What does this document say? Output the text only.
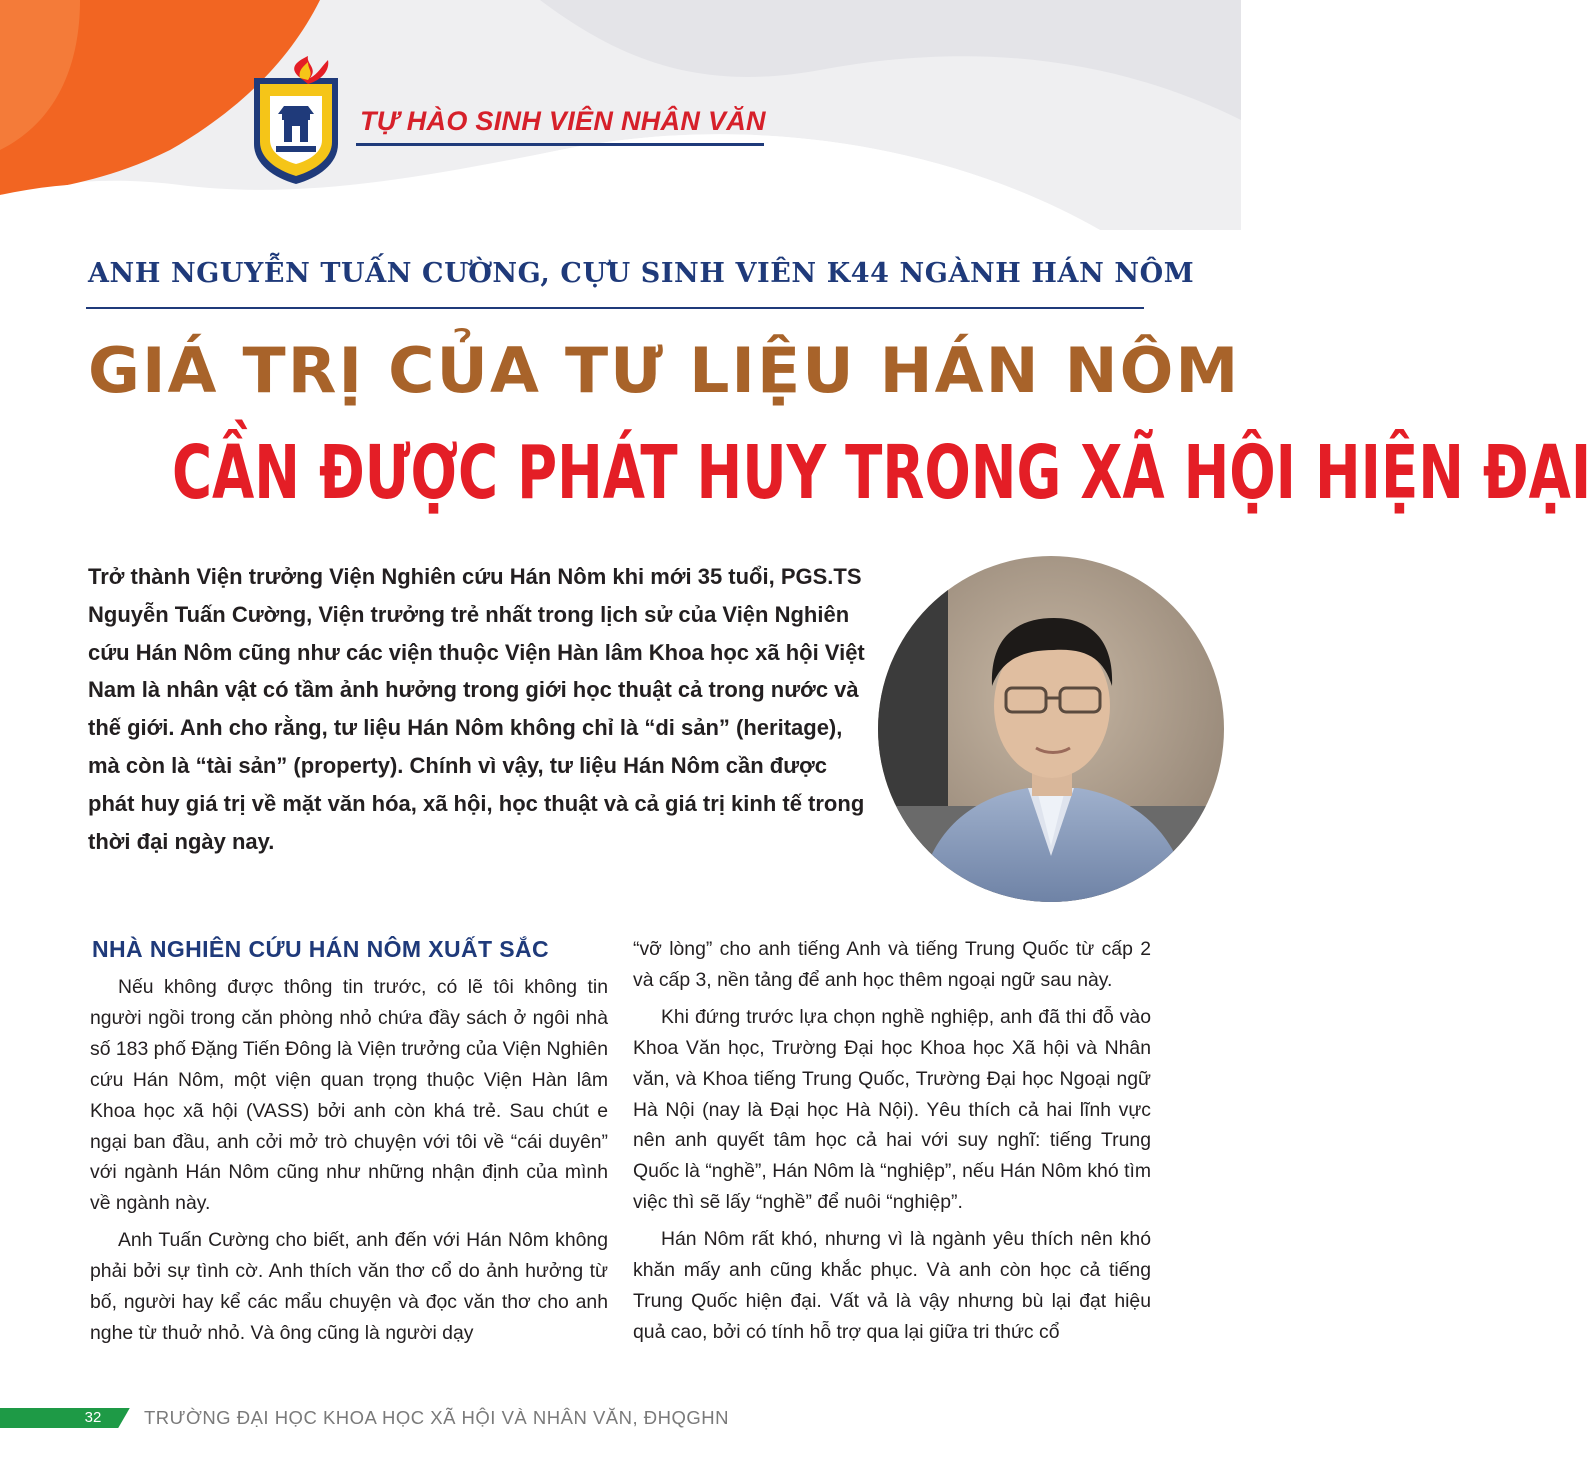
TỰ HÀO SINH VIÊN NHÂN VĂN
ANH NGUYỄN TUẤN CƯỜNG, CỰU SINH VIÊN K44 NGÀNH HÁN NÔM
GIÁ TRỊ CỦA TƯ LIỆU HÁN NÔM
CẦN ĐƯỢC PHÁT HUY TRONG XÃ HỘI HIỆN ĐẠI
Trở thành Viện trưởng Viện Nghiên cứu Hán Nôm khi mới 35 tuổi, PGS.TS Nguyễn Tuấn Cường, Viện trưởng trẻ nhất trong lịch sử của Viện Nghiên cứu Hán Nôm cũng như các viện thuộc Viện Hàn lâm Khoa học xã hội Việt Nam là nhân vật có tầm ảnh hưởng trong giới học thuật cả trong nước và thế giới. Anh cho rằng, tư liệu Hán Nôm không chỉ là “di sản” (heritage), mà còn là “tài sản” (property). Chính vì vậy, tư liệu Hán Nôm cần được phát huy giá trị về mặt văn hóa, xã hội, học thuật và cả giá trị kinh tế trong thời đại ngày nay.
NHÀ NGHIÊN CỨU HÁN NÔM XUẤT SẮC

Nếu không được thông tin trước, có lẽ tôi không tin người ngồi trong căn phòng nhỏ chứa đầy sách ở ngôi nhà số 183 phố Đặng Tiến Đông là Viện trưởng của Viện Nghiên cứu Hán Nôm, một viện quan trọng thuộc Viện Hàn lâm Khoa học xã hội (VASS) bởi anh còn khá trẻ. Sau chút e ngại ban đầu, anh cởi mở trò chuyện với tôi về “cái duyên” với ngành Hán Nôm cũng như những nhận định của mình về ngành này.

Anh Tuấn Cường cho biết, anh đến với Hán Nôm không phải bởi sự tình cờ. Anh thích văn thơ cổ do ảnh hưởng từ bố, người hay kể các mẩu chuyện và đọc văn thơ cho anh nghe từ thuở nhỏ. Và ông cũng là người dạy

“vỡ lòng” cho anh tiếng Anh và tiếng Trung Quốc từ cấp 2 và cấp 3, nền tảng để anh học thêm ngoại ngữ sau này.

Khi đứng trước lựa chọn nghề nghiệp, anh đã thi đỗ vào Khoa Văn học, Trường Đại học Khoa học Xã hội và Nhân văn, và Khoa tiếng Trung Quốc, Trường Đại học Ngoại ngữ Hà Nội (nay là Đại học Hà Nội). Yêu thích cả hai lĩnh vực nên anh quyết tâm học cả hai với suy nghĩ: tiếng Trung Quốc là “nghề”, Hán Nôm là “nghiệp”, nếu Hán Nôm khó tìm việc thì sẽ lấy “nghề” để nuôi “nghiệp”.

Hán Nôm rất khó, nhưng vì là ngành yêu thích nên khó khăn mấy anh cũng khắc phục. Và anh còn học cả tiếng Trung Quốc hiện đại. Vất vả là vậy nhưng bù lại đạt hiệu quả cao, bởi có tính hỗ trợ qua lại giữa tri thức cổ

32	TRƯỜNG ĐẠI HỌC KHOA HỌC XÃ HỘI VÀ NHÂN VĂN, ĐHQGHN
